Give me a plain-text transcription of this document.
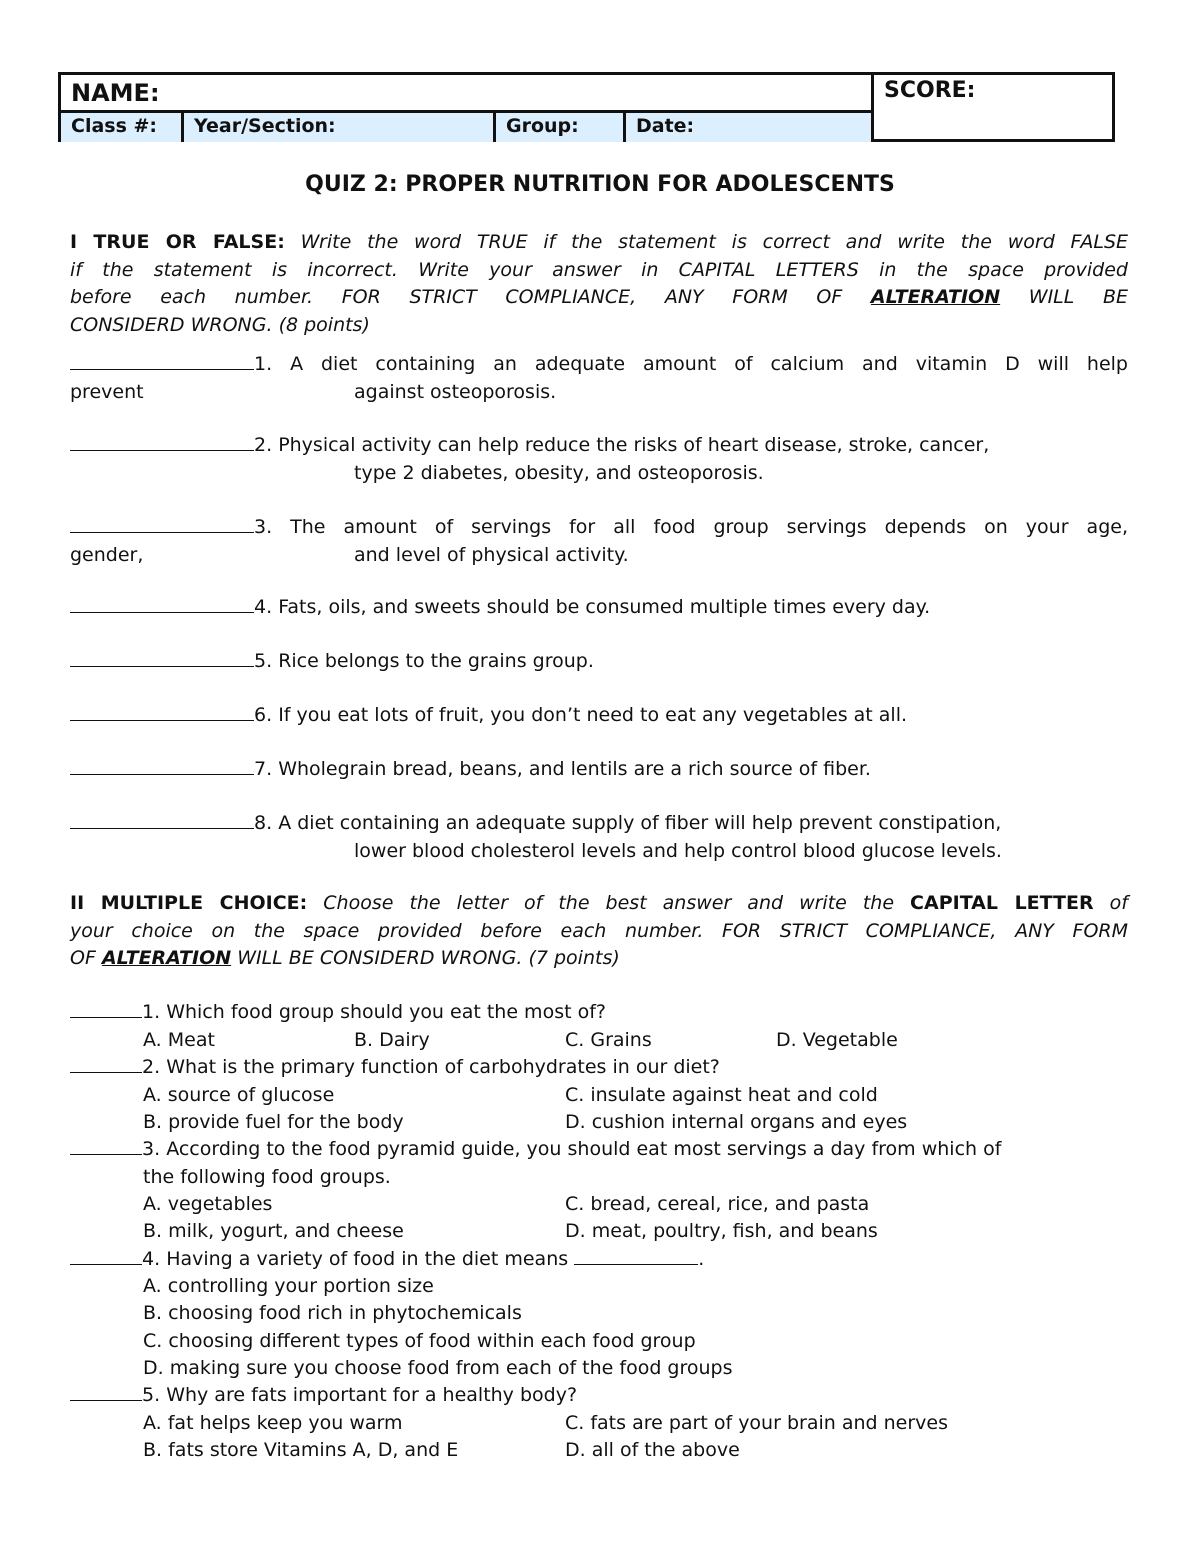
NAME:	SCORE:
Class #:	Year/Section:	Group:	Date:
QUIZ 2: PROPER NUTRITION FOR ADOLESCENTS
I TRUE OR FALSE: Write the word TRUE if the statement is correct and write the word FALSE
if the statement is incorrect. Write your answer in CAPITAL LETTERS in the space provided
before each number. FOR STRICT COMPLIANCE, ANY FORM OF ALTERATION WILL BE
CONSIDERD WRONG. (8 points)
1. A diet containing an adequate amount of calcium and vitamin D will help
prevent	against osteoporosis.
2. Physical activity can help reduce the risks of heart disease, stroke, cancer,
type 2 diabetes, obesity, and osteoporosis.
3. The amount of servings for all food group servings depends on your age,
gender,	and level of physical activity.
4. Fats, oils, and sweets should be consumed multiple times every day.
5. Rice belongs to the grains group.
6. If you eat lots of fruit, you don’t need to eat any vegetables at all.
7. Wholegrain bread, beans, and lentils are a rich source of fiber.
8. A diet containing an adequate supply of fiber will help prevent constipation,
lower blood cholesterol levels and help control blood glucose levels.
II MULTIPLE CHOICE: Choose the letter of the best answer and write the CAPITAL LETTER of
your choice on the space provided before each number. FOR STRICT COMPLIANCE, ANY FORM
OF ALTERATION WILL BE CONSIDERD WRONG. (7 points)
1. Which food group should you eat the most of?
A. Meat	B. Dairy	C. Grains	D. Vegetable
2. What is the primary function of carbohydrates in our diet?
A. source of glucose	C. insulate against heat and cold
B. provide fuel for the body	D. cushion internal organs and eyes
3. According to the food pyramid guide, you should eat most servings a day from which of
the following food groups.
A. vegetables	C. bread, cereal, rice, and pasta
B. milk, yogurt, and cheese	D. meat, poultry, fish, and beans
4. Having a variety of food in the diet means	.
A. controlling your portion size
B. choosing food rich in phytochemicals
C. choosing different types of food within each food group
D. making sure you choose food from each of the food groups
5. Why are fats important for a healthy body?
A. fat helps keep you warm	C. fats are part of your brain and nerves
B. fats store Vitamins A, D, and E	D. all of the above
